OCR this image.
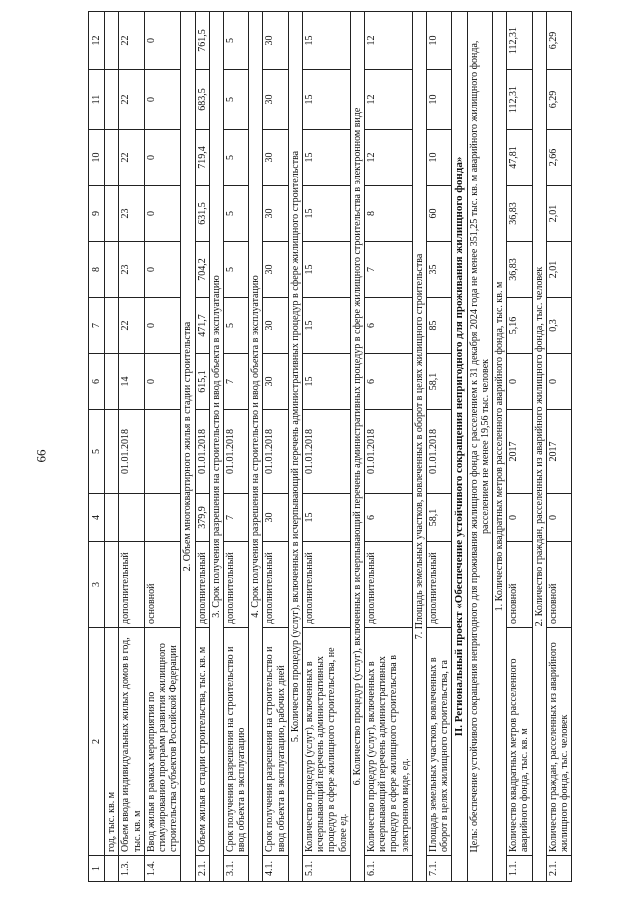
66
1	2	3	4	5	6	7	8	9	10	11	12
	год, тыс. кв. м										
1.3.	Объем ввода индивидуальных жилых домов в год, тыс. кв. м	дополнительный		01.01.2018	14	22	23	23	22	22	22
1.4.	Ввод жилья в рамках мероприятия по стимулированию программ развития жилищного строительства субъектов Российской Федерации	основной			0	0	0	0	0	0	0
2. Объем многоквартирного жилья в стадии строительства											
2.1.	Объем жилья в стадии строительства, тыс. кв. м	дополнительный	379,9	01.01.2018	615,1	471,7	704,2	631,5	719,4	683,5	761,5
3. Срок получения разрешения на строительство и ввод объекта в эксплуатацию											
3.1.	Срок получения разрешения на строительство и ввод объекта в эксплуатацию	дополнительный	7	01.01.2018	7	5	5	5	5	5	5
4. Срок получения разрешения на строительство и ввод объекта в эксплуатацию											
4.1.	Срок получения разрешения на строительство и ввод объекта в эксплуатацию, рабочих дней	дополнительный	30	01.01.2018	30	30	30	30	30	30	30
5. Количество процедур (услуг), включенных в исчерпывающий перечень административных процедур в сфере жилищного строительства											
5.1.	Количество процедур (услуг), включенных в исчерпывающий перечень административных процедур в сфере жилищного строительства, не более ед.	дополнительный	15	01.01.2018	15	15	15	15	15	15	15
6. Количество процедур (услуг), включенных в исчерпывающий перечень административных процедур в сфере жилищного строительства в электронном виде											
6.1.	Количество процедур (услуг), включенных в исчерпывающий перечень административных процедур в сфере жилищного строительства в электронном виде, ед.	дополнительный	6	01.01.2018	6	6	7	8	12	12	12
7. Площадь земельных участков, вовлеченных в оборот в целях жилищного строительства											
7.1.	Площадь земельных участков, вовлеченных в оборот в целях жилищного строительства, га	дополнительный	58,1	01.01.2018	58,1	85	35	60	10	10	10
II. Региональный проект «Обеспечение устойчивого сокращения непригодного для проживания жилищного фонда»											
Цель: обеспечение устойчивого сокращения непригодного для проживания жилищного фонда с расселением к 31 декабря 2024 года не менее 351,25 тыс. кв. м аварийного жилищного фонда, расселением не менее 19,56 тыс. человек											
1. Количество квадратных метров расселенного аварийного фонда, тыс. кв. м											
1.1.	Количество квадратных метров расселенного аварийного фонда, тыс. кв. м	основной	0	2017	0	5,16	36,83	36,83	47,81	112,31	112,31
2. Количество граждан, расселенных из аварийного жилищного фонда, тыс. человек											
2.1.	Количество граждан, расселенных из аварийного жилищного фонда, тыс. человек	основной	0	2017	0	0,3	2,01	2,01	2,66	6,29	6,29
